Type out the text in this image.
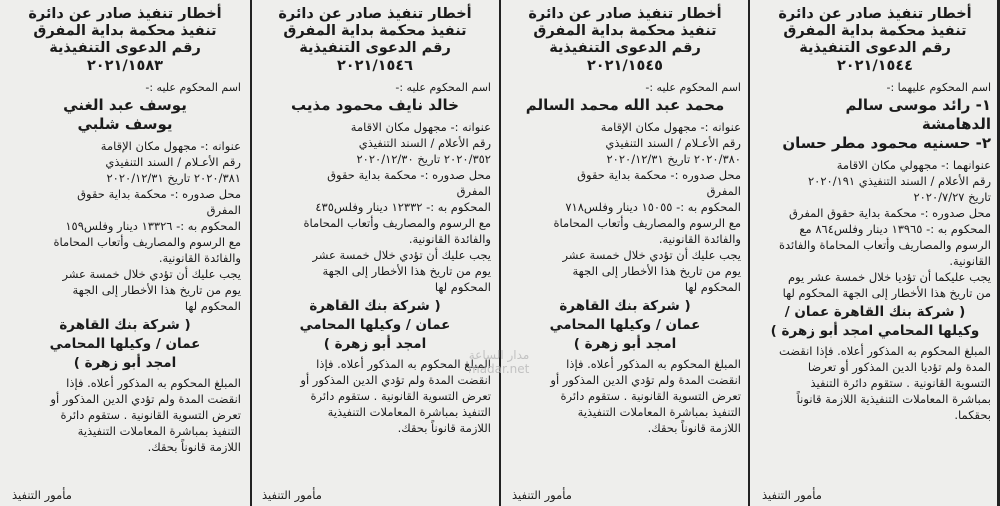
أخطار تنفيذ صادر عن دائرة
تنفيذ محكمة بداية المفرق
رقم الدعوى التنفيذية
٢٠٢١/١٥٤٤
اسم المحكوم عليهما :-
١- رائد موسى سالم
الدهامشة
٢- حسنيه محمود مطر حسان
عنوانهما :- مجهولي مكان الاقامة
رقم الأعلام / السند التنفيذي ٢٠٢٠/١٩١
تاريخ ٢٠٢٠/٧/٢٧
محل صدوره :- محكمة بداية حقوق المفرق
المحكوم به :- ١٣٩٦٥ دينار وفلس٨٦٤ مع
الرسوم والمصاريف وأتعاب المحاماة والفائدة
القانونية.
يجب عليكما أن تؤديا خلال خمسة عشر يوم
من تاريخ هذا الأخطار إلى الجهة المحكوم لها
( شركة بنك القاهرة عمان /
وكيلها المحامي امجد أبو زهرة )
المبلغ المحكوم به المذكور أعلاه. فإذا انقضت
المدة ولم تؤديا الدين المذكور أو تعرضا
التسوية القانونية . ستقوم دائرة التنفيذ
بمباشرة المعاملات التنفيذية اللازمة قانوناً
بحقكما.
مأمور التنفيذ
أخطار تنفيذ صادر عن دائرة
تنفيذ محكمة بداية المفرق
رقم الدعوى التنفيذية
٢٠٢١/١٥٤٥
اسم المحكوم عليه :-
محمد عبد الله محمد السالم
عنوانه :- مجهول مكان الإقامة
رقم الأعـلام / السند التنفيذي
٢٠٢٠/٣٨٠ تاريخ ٢٠٢٠/١٢/٣١
محل صدوره :- محكمة بداية حقوق
المفرق
المحكوم به :- ١٥٠٥٥ دينار وفلس٧١٨
مع الرسوم والمصاريف وأتعاب المحاماة
والفائدة القانونية.
يجب عليك أن تؤدي خلال خمسة عشر
يوم من تاريخ هذا الأخطار إلى الجهة
المحكوم لها
( شركة بنك القاهرة
عمان / وكيلها المحامي
امجد أبو زهرة )
المبلغ المحكوم به المذكور أعلاه. فإذا
انقضت المدة ولم تؤدي الدين المذكور أو
تعرض التسوية القانونية . ستقوم دائرة
التنفيذ بمباشرة المعاملات التنفيذية
اللازمة قانوناً بحقك.
مأمور التنفيذ
أخطار تنفيذ صادر عن دائرة
تنفيذ محكمة بداية المفرق
رقم الدعوى التنفيذية
٢٠٢١/١٥٤٦
اسم المحكوم عليه :-
خالد نايف محمود مذيب
عنوانه :- مجهول مكان الاقامة
رقم الأعلام / السند التنفيذي
٢٠٢٠/٣٥٢ تاريخ ٢٠٢٠/١٢/٣٠
محل صدوره :- محكمة بداية حقوق
المفرق
المحكوم به :- ١٢٣٣٢ دينار وفلس٤٣٥
مع الرسوم والمصاريف وأتعاب المحاماة
والفائدة القانونية.
يجب عليك أن تؤدي خلال خمسة عشر
يوم من تاريخ هذا الأخطار إلى الجهة
المحكوم لها
( شركة بنك القاهرة
عمان / وكيلها المحامي
امجد أبو زهرة )
المبلغ المحكوم به المذكور أعلاه. فإذا
انقضت المدة ولم تؤدي الدين المذكور أو
تعرض التسوية القانونية . ستقوم دائرة
التنفيذ بمباشرة المعاملات التنفيذية
اللازمة قانوناً بحقك.
مأمور التنفيذ
أخطار تنفيذ صادر عن دائرة
تنفيذ محكمة بداية المفرق
رقم الدعوى التنفيذية
٢٠٢١/١٥٨٣
اسم المحكوم عليه :-
يوسف عبد الغني
يوسف شلبي
عنوانه :- مجهول مكان الإقامة
رقم الأعـلام / السند التنفيذي
٢٠٢٠/٣٨١ تاريخ ٢٠٢٠/١٢/٣١
محل صدوره :- محكمة بداية حقوق
المفرق
المحكوم به :- ١٣٣٢٦ دينار وفلس١٥٩
مع الرسوم والمصاريف وأتعاب المحاماة
والفائدة القانونية.
يجب عليك أن تؤدي خلال خمسة عشر
يوم من تاريخ هذا الأخطار إلى الجهة
المحكوم لها
( شركة بنك القاهرة
عمان / وكيلها المحامي
امجد أبو زهرة )
المبلغ المحكوم به المذكور أعلاه. فإذا
انقضت المدة ولم تؤدي الدين المذكور أو
تعرض التسوية القانونية . ستقوم دائرة
التنفيذ بمباشرة المعاملات التنفيذية
اللازمة قانوناً بحقك.
مأمور التنفيذ
مدار الساعة
madar.net
